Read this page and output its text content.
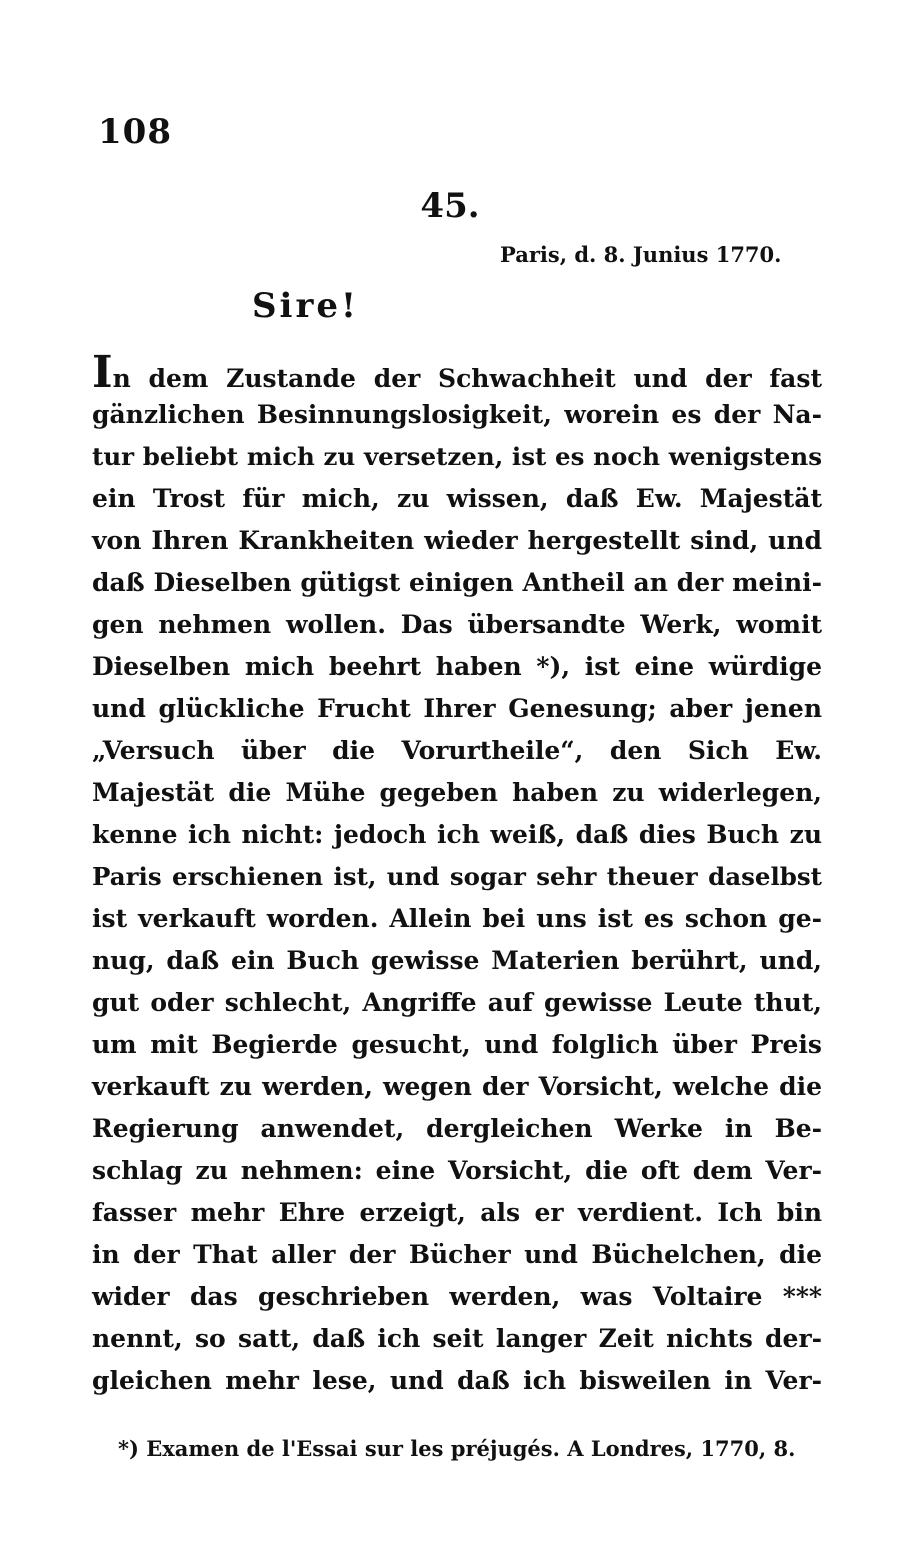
108
45.
Paris, d. 8. Junius 1770.
Sire!
In dem Zustande der Schwachheit und der fast
gänzlichen Besinnungslosigkeit, worein es der Na-
tur beliebt mich zu versetzen, ist es noch wenigstens
ein Trost für mich, zu wissen, daß Ew. Majestät
von Ihren Krankheiten wieder hergestellt sind, und
daß Dieselben gütigst einigen Antheil an der meini-
gen nehmen wollen. Das übersandte Werk, womit
Dieselben mich beehrt haben *), ist eine würdige
und glückliche Frucht Ihrer Genesung; aber jenen
„Versuch über die Vorurtheile“, den Sich Ew.
Majestät die Mühe gegeben haben zu widerlegen,
kenne ich nicht: jedoch ich weiß, daß dies Buch zu
Paris erschienen ist, und sogar sehr theuer daselbst
ist verkauft worden. Allein bei uns ist es schon ge-
nug, daß ein Buch gewisse Materien berührt, und,
gut oder schlecht, Angriffe auf gewisse Leute thut,
um mit Begierde gesucht, und folglich über Preis
verkauft zu werden, wegen der Vorsicht, welche die
Regierung anwendet, dergleichen Werke in Be-
schlag zu nehmen: eine Vorsicht, die oft dem Ver-
fasser mehr Ehre erzeigt, als er verdient. Ich bin
in der That aller der Bücher und Büchelchen, die
wider das geschrieben werden, was Voltaire ***
nennt, so satt, daß ich seit langer Zeit nichts der-
gleichen mehr lese, und daß ich bisweilen in Ver-
*) Examen de l'Essai sur les préjugés. A Londres, 1770, 8.
